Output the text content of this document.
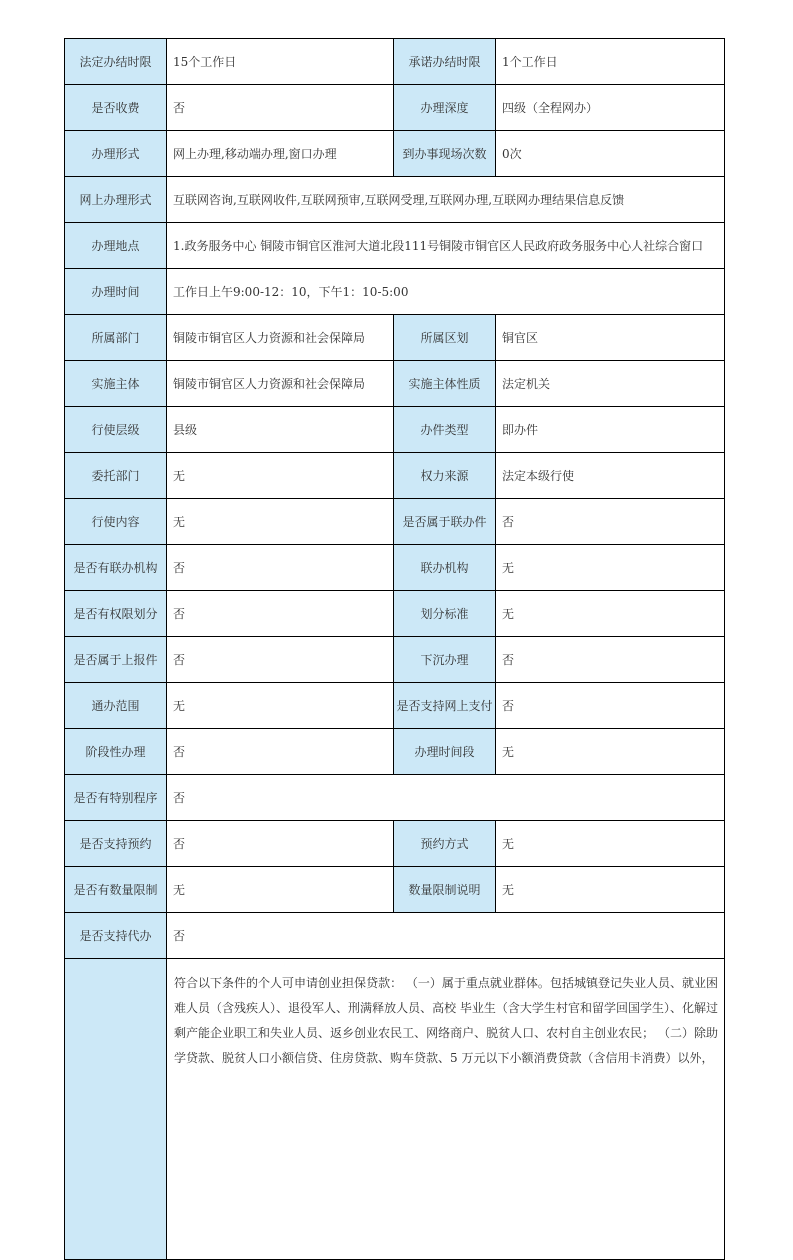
法定办结时限	15个工作日	承诺办结时限	1个工作日
是否收费	否	办理深度	四级（全程网办）
办理形式	网上办理,移动端办理,窗口办理	到办事现场次数	0次
网上办理形式	互联网咨询,互联网收件,互联网预审,互联网受理,互联网办理,互联网办理结果信息反馈		
办理地点	1.政务服务中心 铜陵市铜官区淮河大道北段111号铜陵市铜官区人民政府政务服务中心人社综合窗口		
办理时间	工作日上午9:00-12：10，下午1：10-5:00		
所属部门	铜陵市铜官区人力资源和社会保障局	所属区划	铜官区
实施主体	铜陵市铜官区人力资源和社会保障局	实施主体性质	法定机关
行使层级	县级	办件类型	即办件
委托部门	无	权力来源	法定本级行使
行使内容	无	是否属于联办件	否
是否有联办机构	否	联办机构	无
是否有权限划分	否	划分标准	无
是否属于上报件	否	下沉办理	否
通办范围	无	是否支持网上支付	否
阶段性办理	否	办理时间段	无
是否有特别程序	否		
是否支持预约	否	预约方式	无
是否有数量限制	无	数量限制说明	无
是否支持代办	否		
	符合以下条件的个人可申请创业担保贷款： （一）属于重点就业群体。包括城镇登记失业人员、就业困难人员（含残疾人）、退役军人、刑满释放人员、高校 毕业生（含大学生村官和留学回国学生）、化解过剩产能企业职工和失业人员、返乡创业农民工、网络商户、脱贫人口、农村自主创业农民； （二）除助学贷款、脱贫人口小额信贷、住房贷款、购车贷款、5 万元以下小额消费贷款（含信用卡消费）以外，		
